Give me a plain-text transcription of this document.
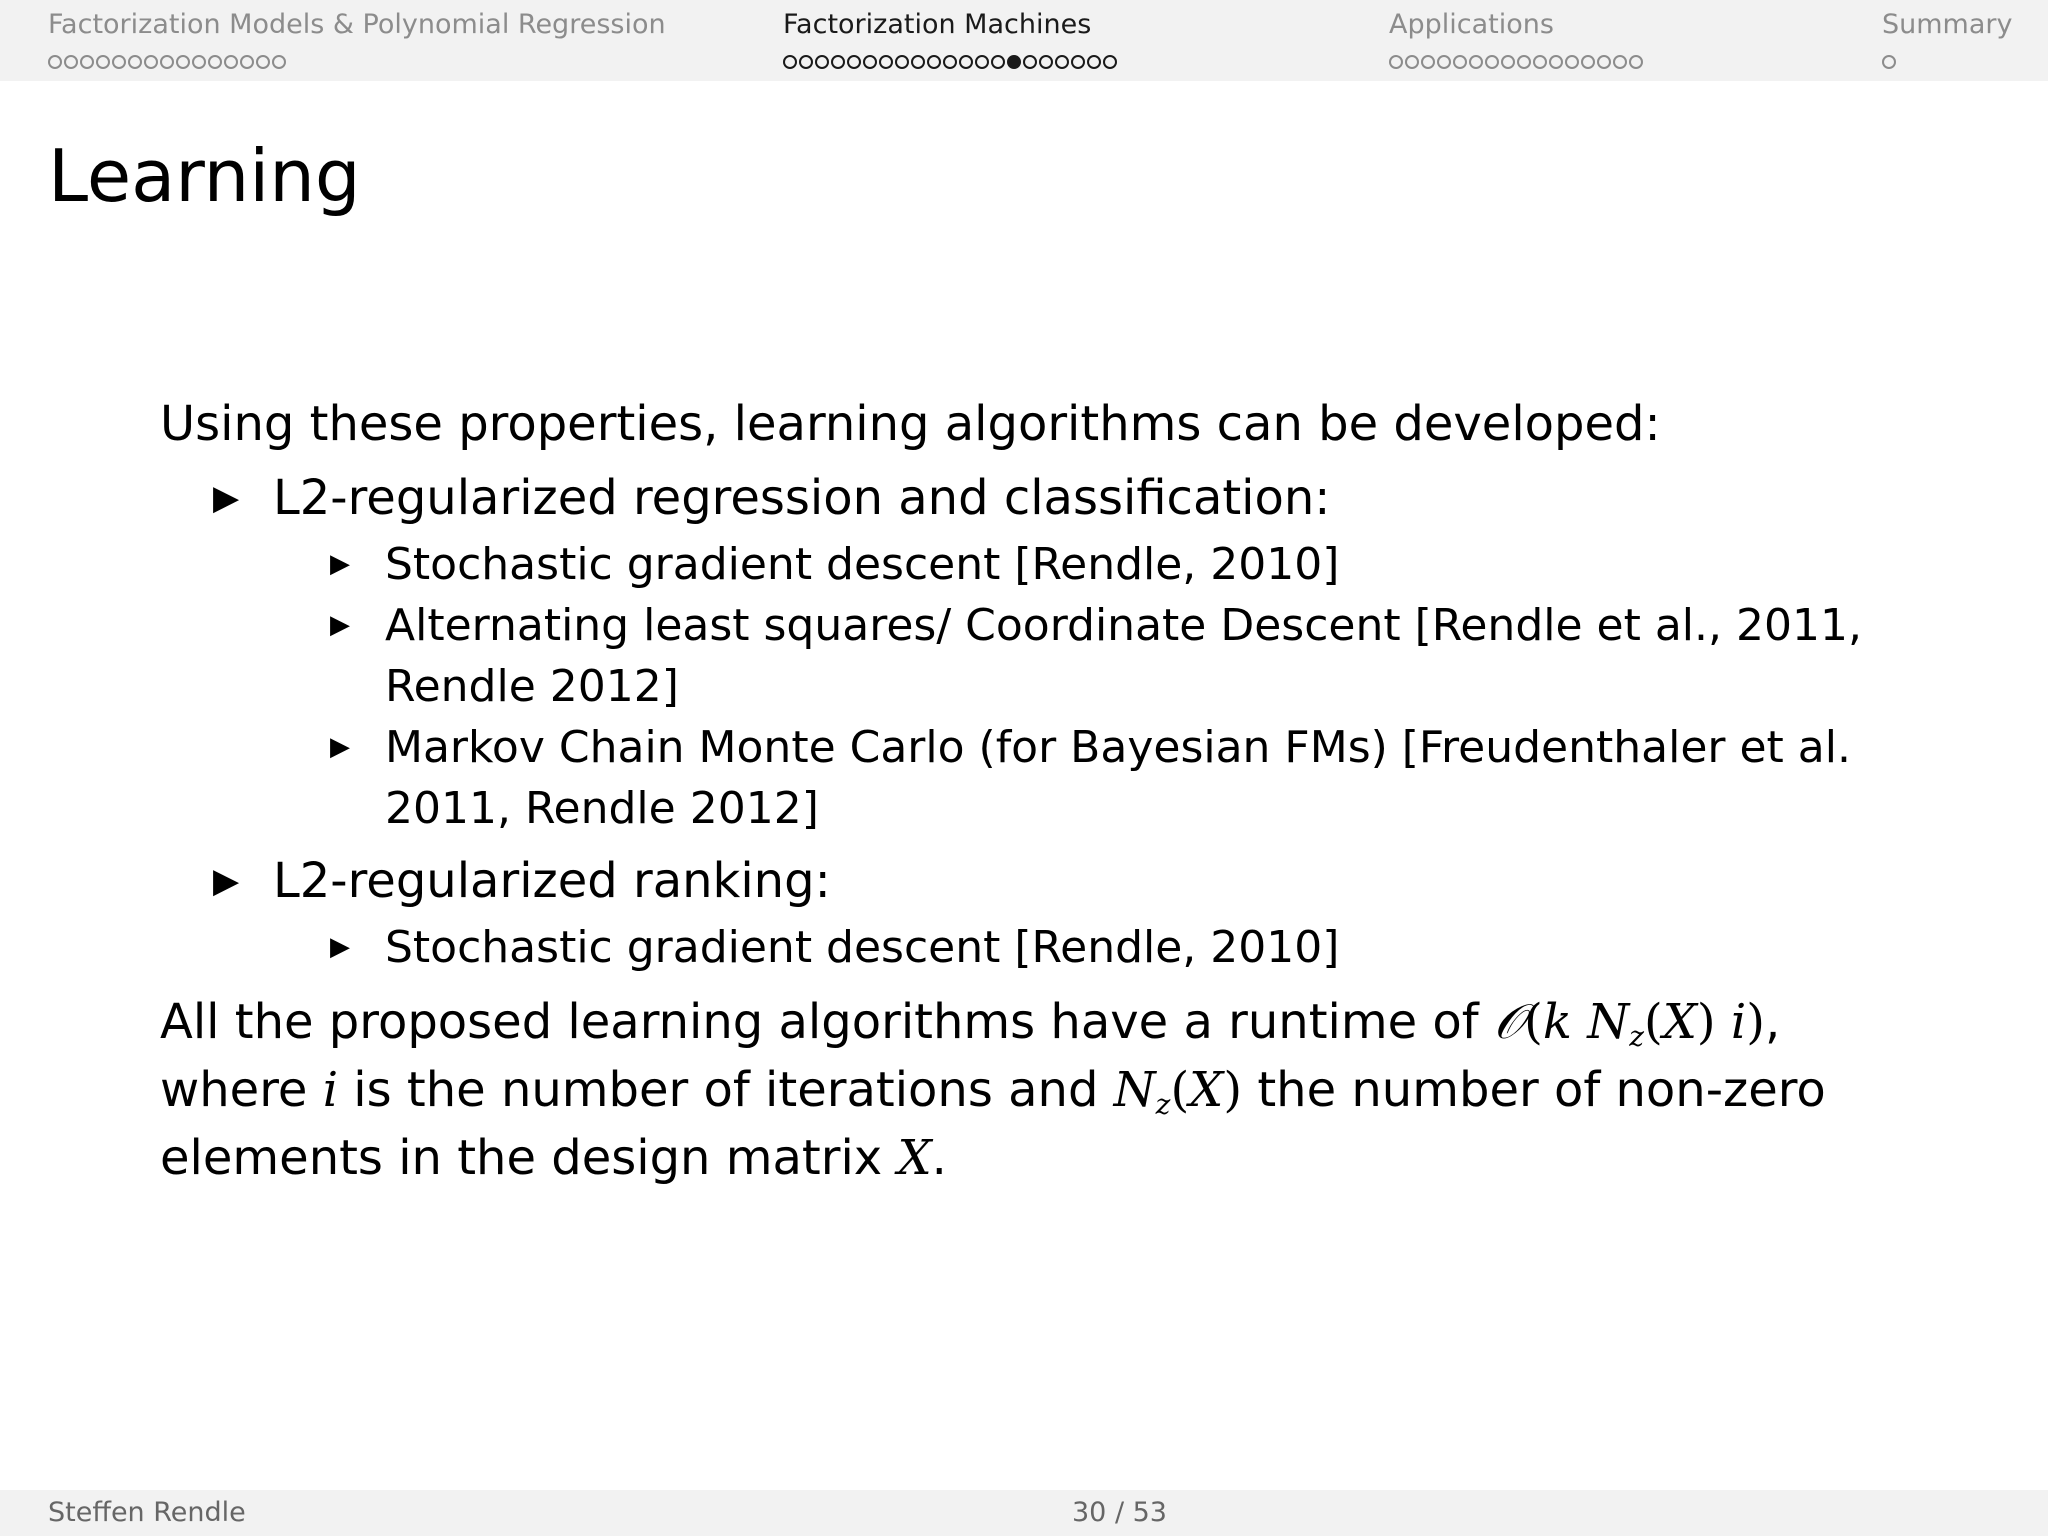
Factorization Models & Polynomial Regression	Factorization Machines	Applications	Summary
Learning

Using these properties, learning algorithms can be developed:

▶ L2-regularized regression and classification:
▶ Stochastic gradient descent [Rendle, 2010]
▶ Alternating least squares/ Coordinate Descent [Rendle et al., 2011, Rendle 2012]
▶ Markov Chain Monte Carlo (for Bayesian FMs) [Freudenthaler et al. 2011, Rendle 2012]
▶ L2-regularized ranking:
▶ Stochastic gradient descent [Rendle, 2010]
All the proposed learning algorithms have a runtime of 𝒪(k $N_z(X)$ i),
where i is the number of iterations and $N_z(X)$ the number of non-zero
elements in the design matrix X.
Steffen Rendle	30 / 53
